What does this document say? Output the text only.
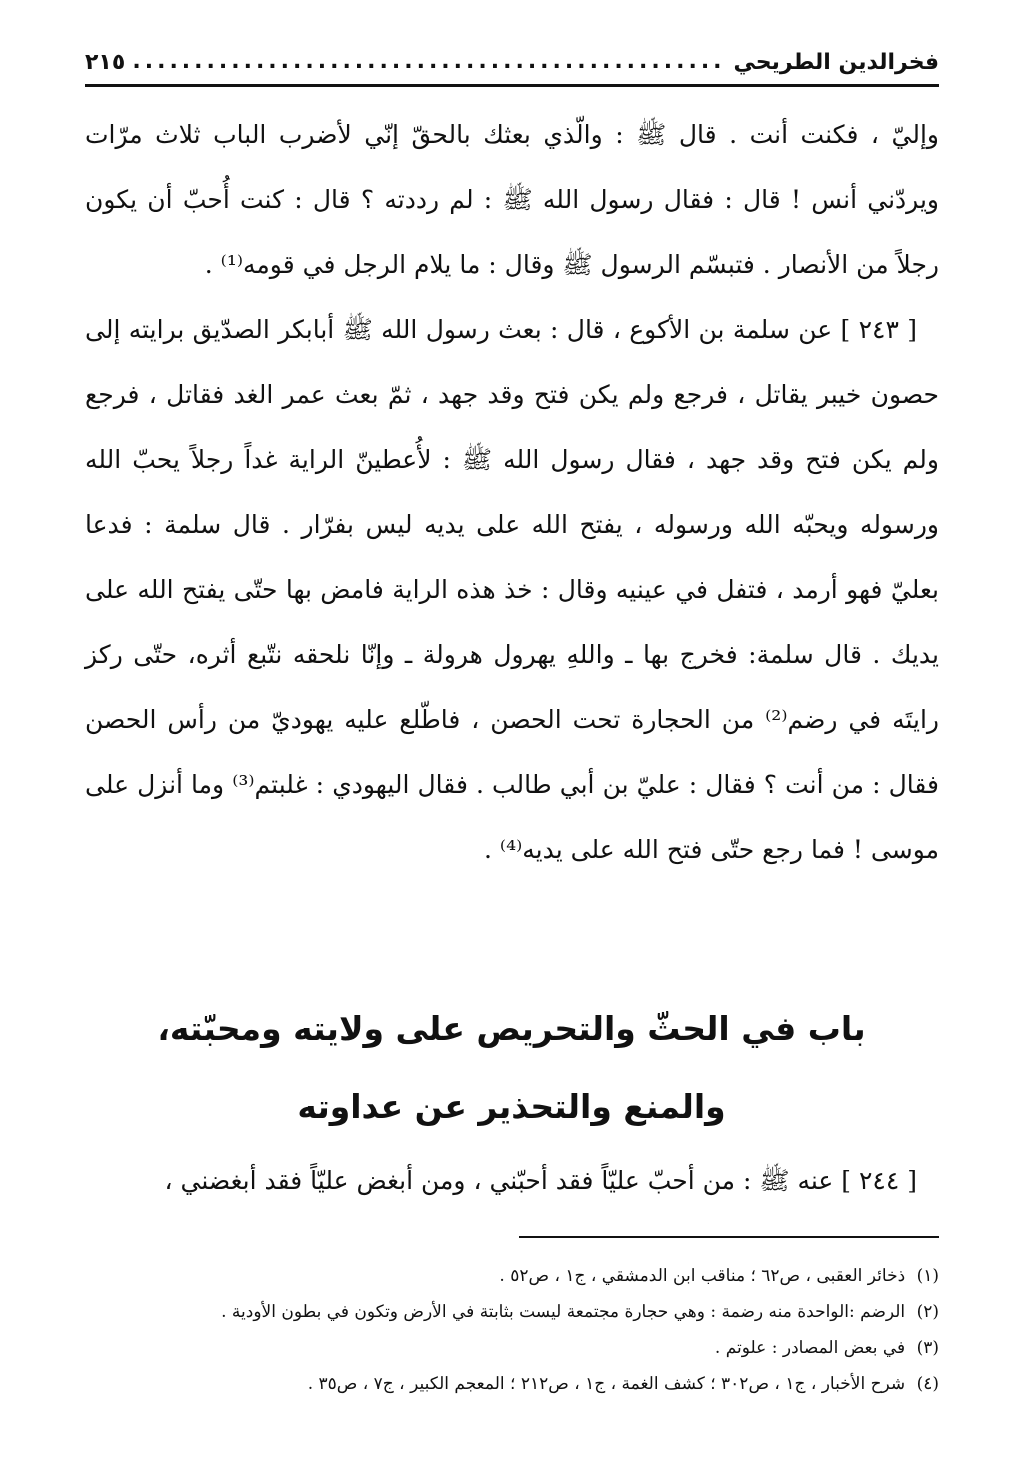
فخرالدين الطريحي
.....
٢١٥

وإليّ ، فكنت أنت . قال ﷺ : والّذي بعثك بالحقّ إنّي لأضرب الباب ثلاث مرّات ويردّني أنس ! قال : فقال رسول الله ﷺ : لم رددته ؟ قال : كنت أُحبّ أن يكون رجلاً من الأنصار . فتبسّم الرسول ﷺ وقال : ما يلام الرجل في قومه⁽¹⁾ .

[ ٢٤٣ ] عن سلمة بن الأكوع ، قال : بعث رسول الله ﷺ أبابكر الصدّيق برايته إلى حصون خيبر يقاتل ، فرجع ولم يكن فتح وقد جهد ، ثمّ بعث عمر الغد فقاتل ، فرجع ولم يكن فتح وقد جهد ، فقال رسول الله ﷺ : لأُعطينّ الراية غداً رجلاً يحبّ الله ورسوله ويحبّه الله ورسوله ، يفتح الله على يديه ليس بفرّار . قال سلمة : فدعا بعليّ فهو أرمد ، فتفل في عينيه وقال : خذ هذه الراية فامض بها حتّى يفتح الله على يديك . قال سلمة: فخرج بها ـ واللهِ يهرول هرولة ـ وإنّا نلحقه نتّبع أثره، حتّى ركز رايتَه في رضم⁽²⁾ من الحجارة تحت الحصن ، فاطّلع عليه يهوديّ من رأس الحصن فقال : من أنت ؟ فقال : عليّ بن أبي طالب . فقال اليهودي : غلبتم⁽³⁾ وما أنزل على موسى ! فما رجع حتّى فتح الله على يديه⁽⁴⁾ .

باب في الحثّ والتحريص على ولايته ومحبّته،
والمنع والتحذير عن عداوته

[ ٢٤٤ ] عنه ﷺ : من أحبّ عليّاً فقد أحبّني ، ومن أبغض عليّاً فقد أبغضني ،

(١) ذخائر العقبى ، ص٦٢ ؛ مناقب ابن الدمشقي ، ج١ ، ص٥٢ .
(٢) الرضم :الواحدة منه رضمة : وهي حجارة مجتمعة ليست بثابتة في الأرض وتكون في بطون الأودية .
(٣) في بعض المصادر : علوتم .
(٤) شرح الأخبار ، ج١ ، ص٣٠٢ ؛ كشف الغمة ، ج١ ، ص٢١٢ ؛ المعجم الكبير ، ج٧ ، ص٣٥ .
